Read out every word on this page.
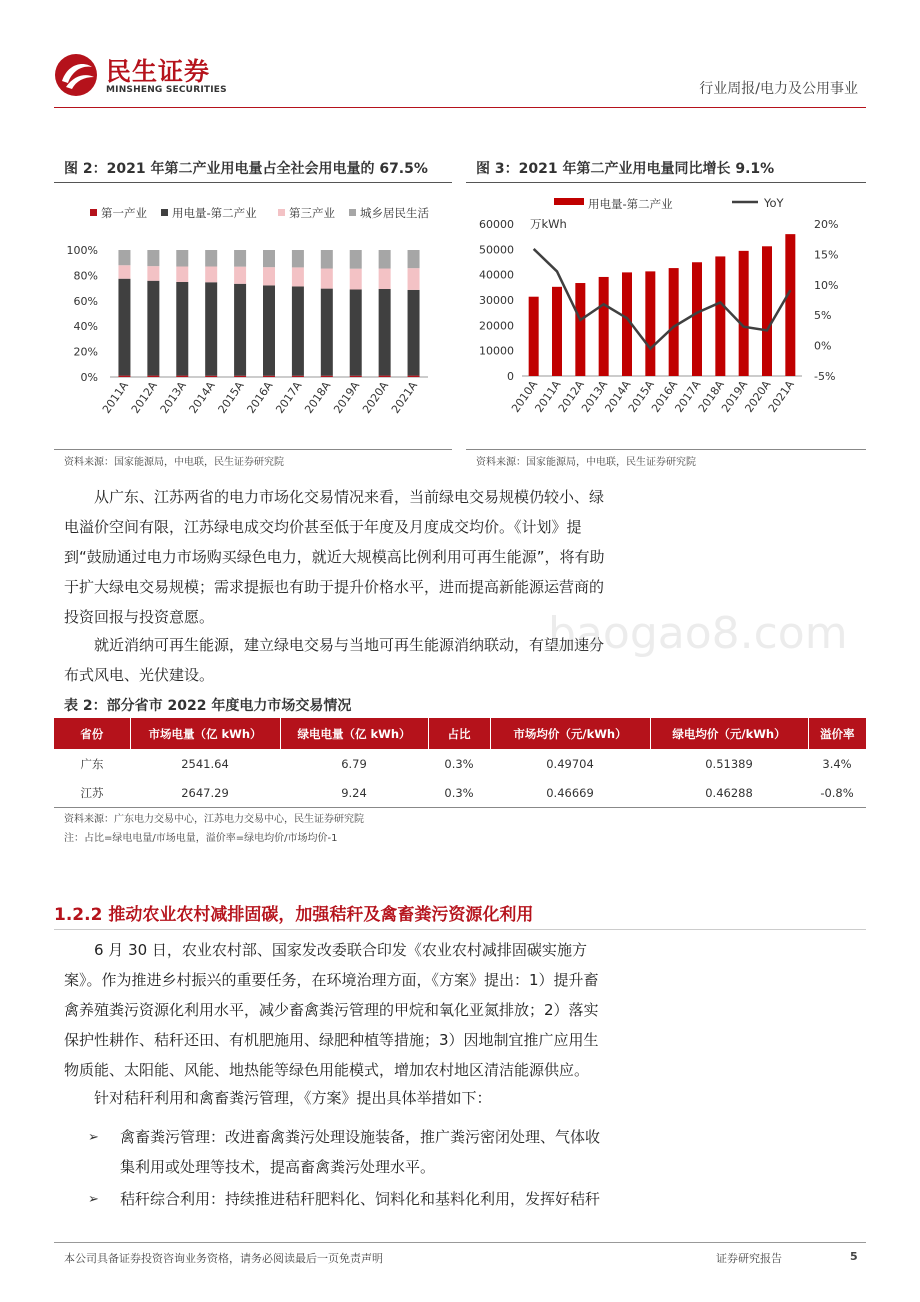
民生证券
MINSHENG SECURITIES	行业周报/电力及公用事业
图 2：2021 年第二产业用电量占全社会用电量的 67.5%
第一产业 用电量-第二产业	第三产业 城乡居民生活
0%
20%
40%
60%
80%
100%
2011A
2012A
2013A
2014A
2015A
2016A
2017A
2018A
2019A
2020A
2021A
资料来源：国家能源局，中电联，民生证券研究院
图 3：2021 年第二产业用电量同比增长 9.1%
用电量-第二产业	YoY
万kWh
0
10000
20000
30000
40000
50000
60000
-5%
0%
5%
10%
15%
20%
2010A
2011A
2012A
2013A
2014A
2015A
2016A
2017A
2018A
2019A
2020A
2021A
资料来源：国家能源局，中电联，民生证券研究院

从广东、江苏两省的电力市场化交易情况来看，当前绿电交易规模仍较小、绿电溢价空间有限，江苏绿电成交均价甚至低于年度及月度成交均价。《计划》提到“鼓励通过电力市场购买绿色电力，就近大规模高比例利用可再生能源”，将有助于扩大绿电交易规模；需求提振也有助于提升价格水平，进而提高新能源运营商的投资回报与投资意愿。

就近消纳可再生能源，建立绿电交易与当地可再生能源消纳联动，有望加速分布式风电、光伏建设。

baogao8.com
表 2：部分省市 2022 年度电力市场交易情况
省份	市场电量（亿 kWh）	绿电电量（亿 kWh）	占比	市场均价（元/kWh）	绿电均价（元/kWh）	溢价率
广东	2541.64	6.79	0.3%	0.49704	0.51389	3.4%
江苏	2647.29	9.24	0.3%	0.46669	0.46288	-0.8%
资料来源：广东电力交易中心，江苏电力交易中心，民生证券研究院
注：占比=绿电电量/市场电量，溢价率=绿电均价/市场均价-1
1.2.2 推动农业农村减排固碳，加强秸秆及禽畜粪污资源化利用

6 月 30 日，农业农村部、国家发改委联合印发《农业农村减排固碳实施方案》。作为推进乡村振兴的重要任务，在环境治理方面，《方案》提出：1）提升畜禽养殖粪污资源化利用水平，减少畜禽粪污管理的甲烷和氧化亚氮排放；2）落实保护性耕作、秸秆还田、有机肥施用、绿肥种植等措施；3）因地制宜推广应用生物质能、太阳能、风能、地热能等绿色用能模式，增加农村地区清洁能源供应。

针对秸秆利用和禽畜粪污管理，《方案》提出具体举措如下：

➢ 禽畜粪污管理：改进畜禽粪污处理设施装备，推广粪污密闭处理、气体收集利用或处理等技术，提高畜禽粪污处理水平。

➢ 秸秆综合利用：持续推进秸秆肥料化、饲料化和基料化利用，发挥好秸秆

本公司具备证券投资咨询业务资格，请务必阅读最后一页免责声明	证券研究报告	5
